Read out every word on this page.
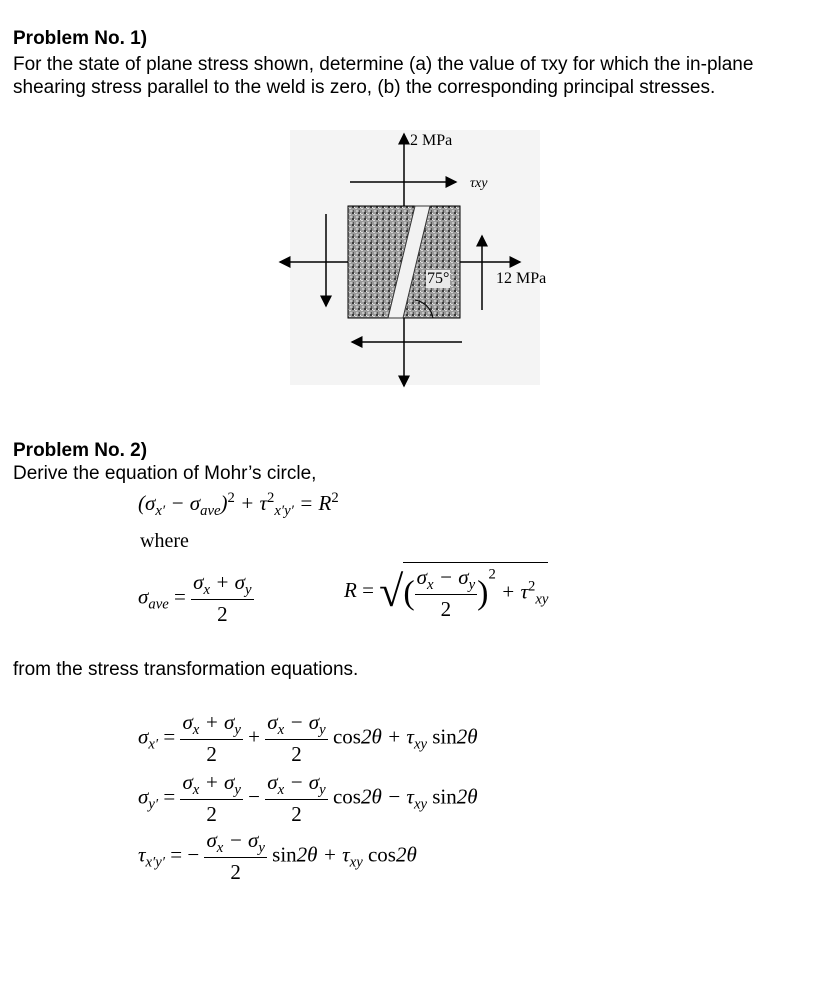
Problem No. 1)
For the state of plane stress shown, determine (a) the value of τxy for which the in-plane
shearing stress parallel to the weld is zero, (b) the corresponding principal stresses.
2 MPa
τxy
12 MPa
75°
Problem No. 2)
Derive the equation of Mohr’s circle,
$(\sigma_{x'} - \sigma_{ave})^2 + \tau^2_{x'y'} = R^2$
where
$\sigma_{ave} = \frac{\sigma_x + \sigma_y}{2}$	R = √( $\frac{\sigma_x - \sigma_y}{2} )^2 + \tau^2_{xy}$
from the stress transformation equations.
$\sigma_{x'} = \frac{\sigma_x + \sigma_y}{2} + \frac{\sigma_x - \sigma_y}{2} \cos 2\theta + \tau_{xy}$ sin2θ
$\sigma_{y'} = \frac{\sigma_x + \sigma_y}{2} - \frac{\sigma_x - \sigma_y}{2} \cos 2\theta - \tau_{xy}$ sin2θ
$\tau_{x'y'}$ = − $\frac{\sigma_x - \sigma_y}{2} \sin 2\theta + \tau_{xy}$ cos2θ
